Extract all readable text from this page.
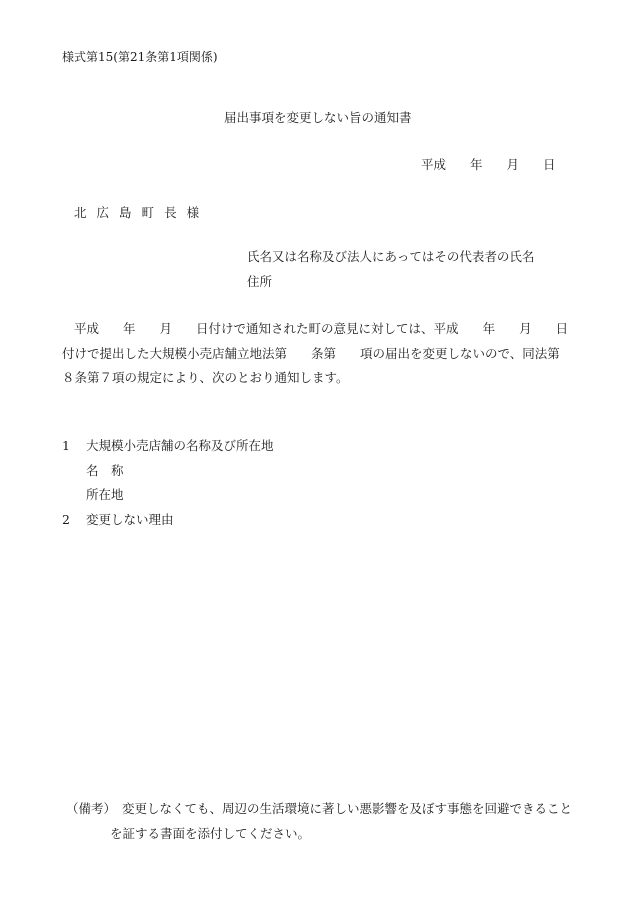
様式第15(第21条第1項関係)
届出事項を変更しない旨の通知書
平成 年 月 日
北 広 島 町 長 様
氏名又は名称及び法人にあってはその代表者の氏名
住所
平成 年 月 日付けで通知された町の意見に対しては、平成 年 月 日
付けで提出した大規模小売店舗立地法第 条第 項の届出を変更しないので、同法第
８条第７項の規定により、次のとおり通知します。
1 大規模小売店舗の名称及び所在地
名　称
所在地
2 変更しない理由
（備考） 変更しなくても、周辺の生活環境に著しい悪影響を及ぼす事態を回避できること
を証する書面を添付してください。
